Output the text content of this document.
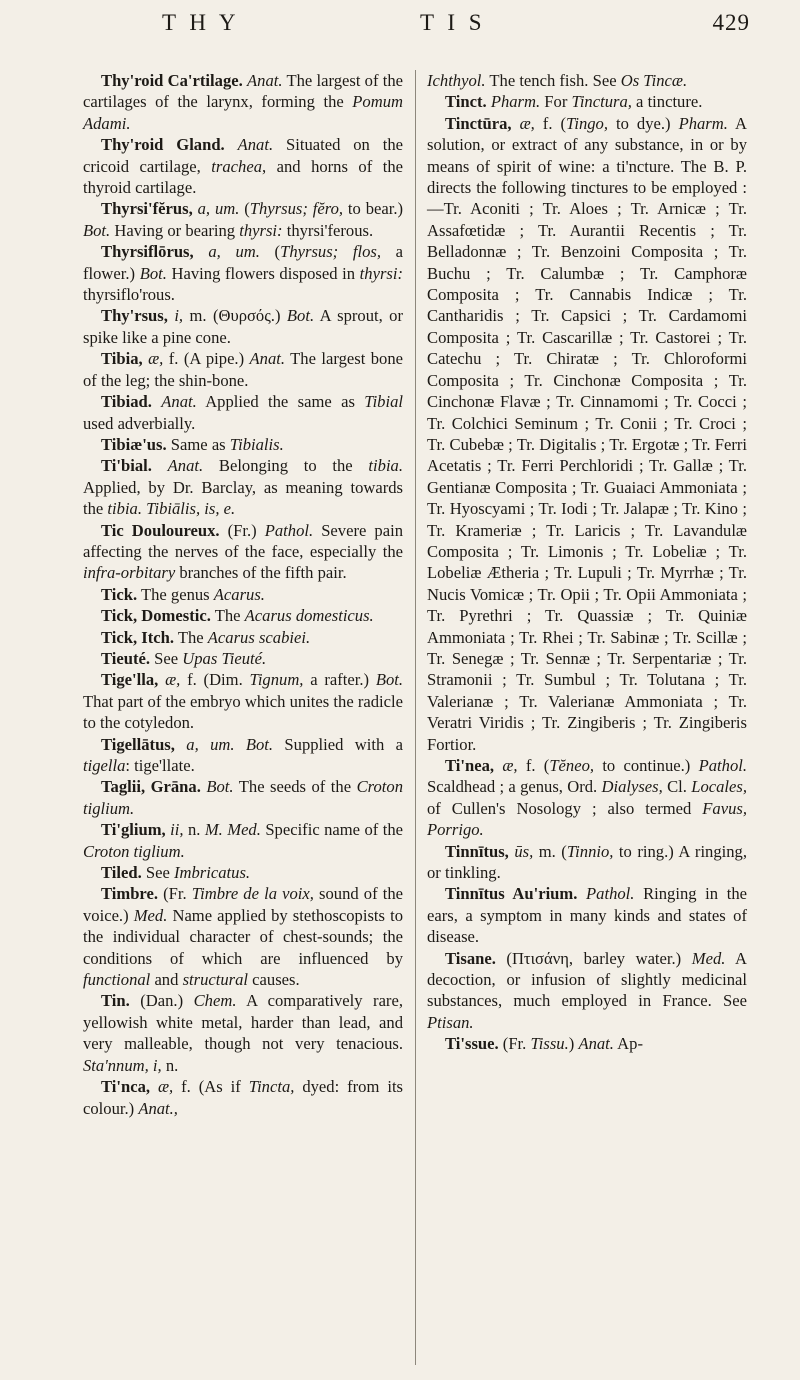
T H Y	T I S	429

Thy'roid Ca'rtilage. Anat. The largest of the cartilages of the larynx, forming the Pomum Adami.

Thy'roid Gland. Anat. Situated on the cricoid cartilage, trachea, and horns of the thyroid cartilage.

Thyrsi'fĕrus, a, um. (Thyrsus; fĕro, to bear.) Bot. Having or bearing thyrsi: thyrsi'ferous.

Thyrsiflōrus, a, um. (Thyrsus; flos, a flower.) Bot. Having flowers disposed in thyrsi: thyrsiflo'rous.

Thy'rsus, i, m. (Θυρσός.) Bot. A sprout, or spike like a pine cone.

Tibia, æ, f. (A pipe.) Anat. The largest bone of the leg; the shin-bone.

Tibiad. Anat. Applied the same as Tibial used adverbially.

Tibiæ'us. Same as Tibialis.

Ti'bial. Anat. Belonging to the tibia. Applied, by Dr. Barclay, as meaning towards the tibia. Tibiālis, is, e.

Tic Douloureux. (Fr.) Pathol. Severe pain affecting the nerves of the face, especially the infra-orbitary branches of the fifth pair.

Tick. The genus Acarus.

Tick, Domestic. The Acarus domesticus.

Tick, Itch. The Acarus scabiei.

Tieuté. See Upas Tieuté.

Tige'lla, æ, f. (Dim. Tignum, a rafter.) Bot. That part of the embryo which unites the radicle to the cotyledon.

Tigellātus, a, um. Bot. Supplied with a tigella: tige'llate.

Taglii, Grāna. Bot. The seeds of the Croton tiglium.

Ti'glium, ii, n. M. Med. Specific name of the Croton tiglium.

Tiled. See Imbricatus.

Timbre. (Fr. Timbre de la voix, sound of the voice.) Med. Name applied by stethoscopists to the individual character of chest-sounds; the conditions of which are influenced by functional and structural causes.

Tin. (Dan.) Chem. A comparatively rare, yellowish white metal, harder than lead, and very malleable, though not very tenacious. Sta'nnum, i, n.

Ti'nca, æ, f. (As if Tincta, dyed: from its colour.) Anat.,

Ichthyol. The tench fish. See Os Tincæ.

Tinct. Pharm. For Tinctura, a tincture.

Tinctūra, æ, f. (Tingo, to dye.) Pharm. A solution, or extract of any substance, in or by means of spirit of wine: a ti'ncture. The B. P. directs the following tinctures to be employed :—Tr. Aconiti ; Tr. Aloes ; Tr. Arnicæ ; Tr. Assafœtidæ ; Tr. Aurantii Recentis ; Tr. Belladonnæ ; Tr. Benzoini Composita ; Tr. Buchu ; Tr. Calumbæ ; Tr. Camphoræ Composita ; Tr. Cannabis Indicæ ; Tr. Cantharidis ; Tr. Capsici ; Tr. Cardamomi Composita ; Tr. Cascarillæ ; Tr. Castorei ; Tr. Catechu ; Tr. Chiratæ ; Tr. Chloroformi Composita ; Tr. Cinchonæ Composita ; Tr. Cinchonæ Flavæ ; Tr. Cinnamomi ; Tr. Cocci ; Tr. Colchici Seminum ; Tr. Conii ; Tr. Croci ; Tr. Cubebæ ; Tr. Digitalis ; Tr. Ergotæ ; Tr. Ferri Acetatis ; Tr. Ferri Perchloridi ; Tr. Gallæ ; Tr. Gentianæ Composita ; Tr. Guaiaci Ammoniata ; Tr. Hyoscyami ; Tr. Iodi ; Tr. Jalapæ ; Tr. Kino ; Tr. Krameriæ ; Tr. Laricis ; Tr. Lavandulæ Composita ; Tr. Limonis ; Tr. Lobeliæ ; Tr. Lobeliæ Ætheria ; Tr. Lupuli ; Tr. Myrrhæ ; Tr. Nucis Vomicæ ; Tr. Opii ; Tr. Opii Ammoniata ; Tr. Pyrethri ; Tr. Quassiæ ; Tr. Quiniæ Ammoniata ; Tr. Rhei ; Tr. Sabinæ ; Tr. Scillæ ; Tr. Senegæ ; Tr. Sennæ ; Tr. Serpentariæ ; Tr. Stramonii ; Tr. Sumbul ; Tr. Tolutana ; Tr. Valerianæ ; Tr. Valerianæ Ammoniata ; Tr. Veratri Viridis ; Tr. Zingiberis ; Tr. Zingiberis Fortior.

Ti'nea, æ, f. (Tĕneo, to continue.) Pathol. Scaldhead ; a genus, Ord. Dialyses, Cl. Locales, of Cullen's Nosology ; also termed Favus, Porrigo.

Tinnītus, ūs, m. (Tinnio, to ring.) A ringing, or tinkling.

Tinnītus Au'rium. Pathol. Ringing in the ears, a symptom in many kinds and states of disease.

Tisane. (Πτισάνη, barley water.) Med. A decoction, or infusion of slightly medicinal substances, much employed in France. See Ptisan.

Ti'ssue. (Fr. Tissu.) Anat. Ap-
